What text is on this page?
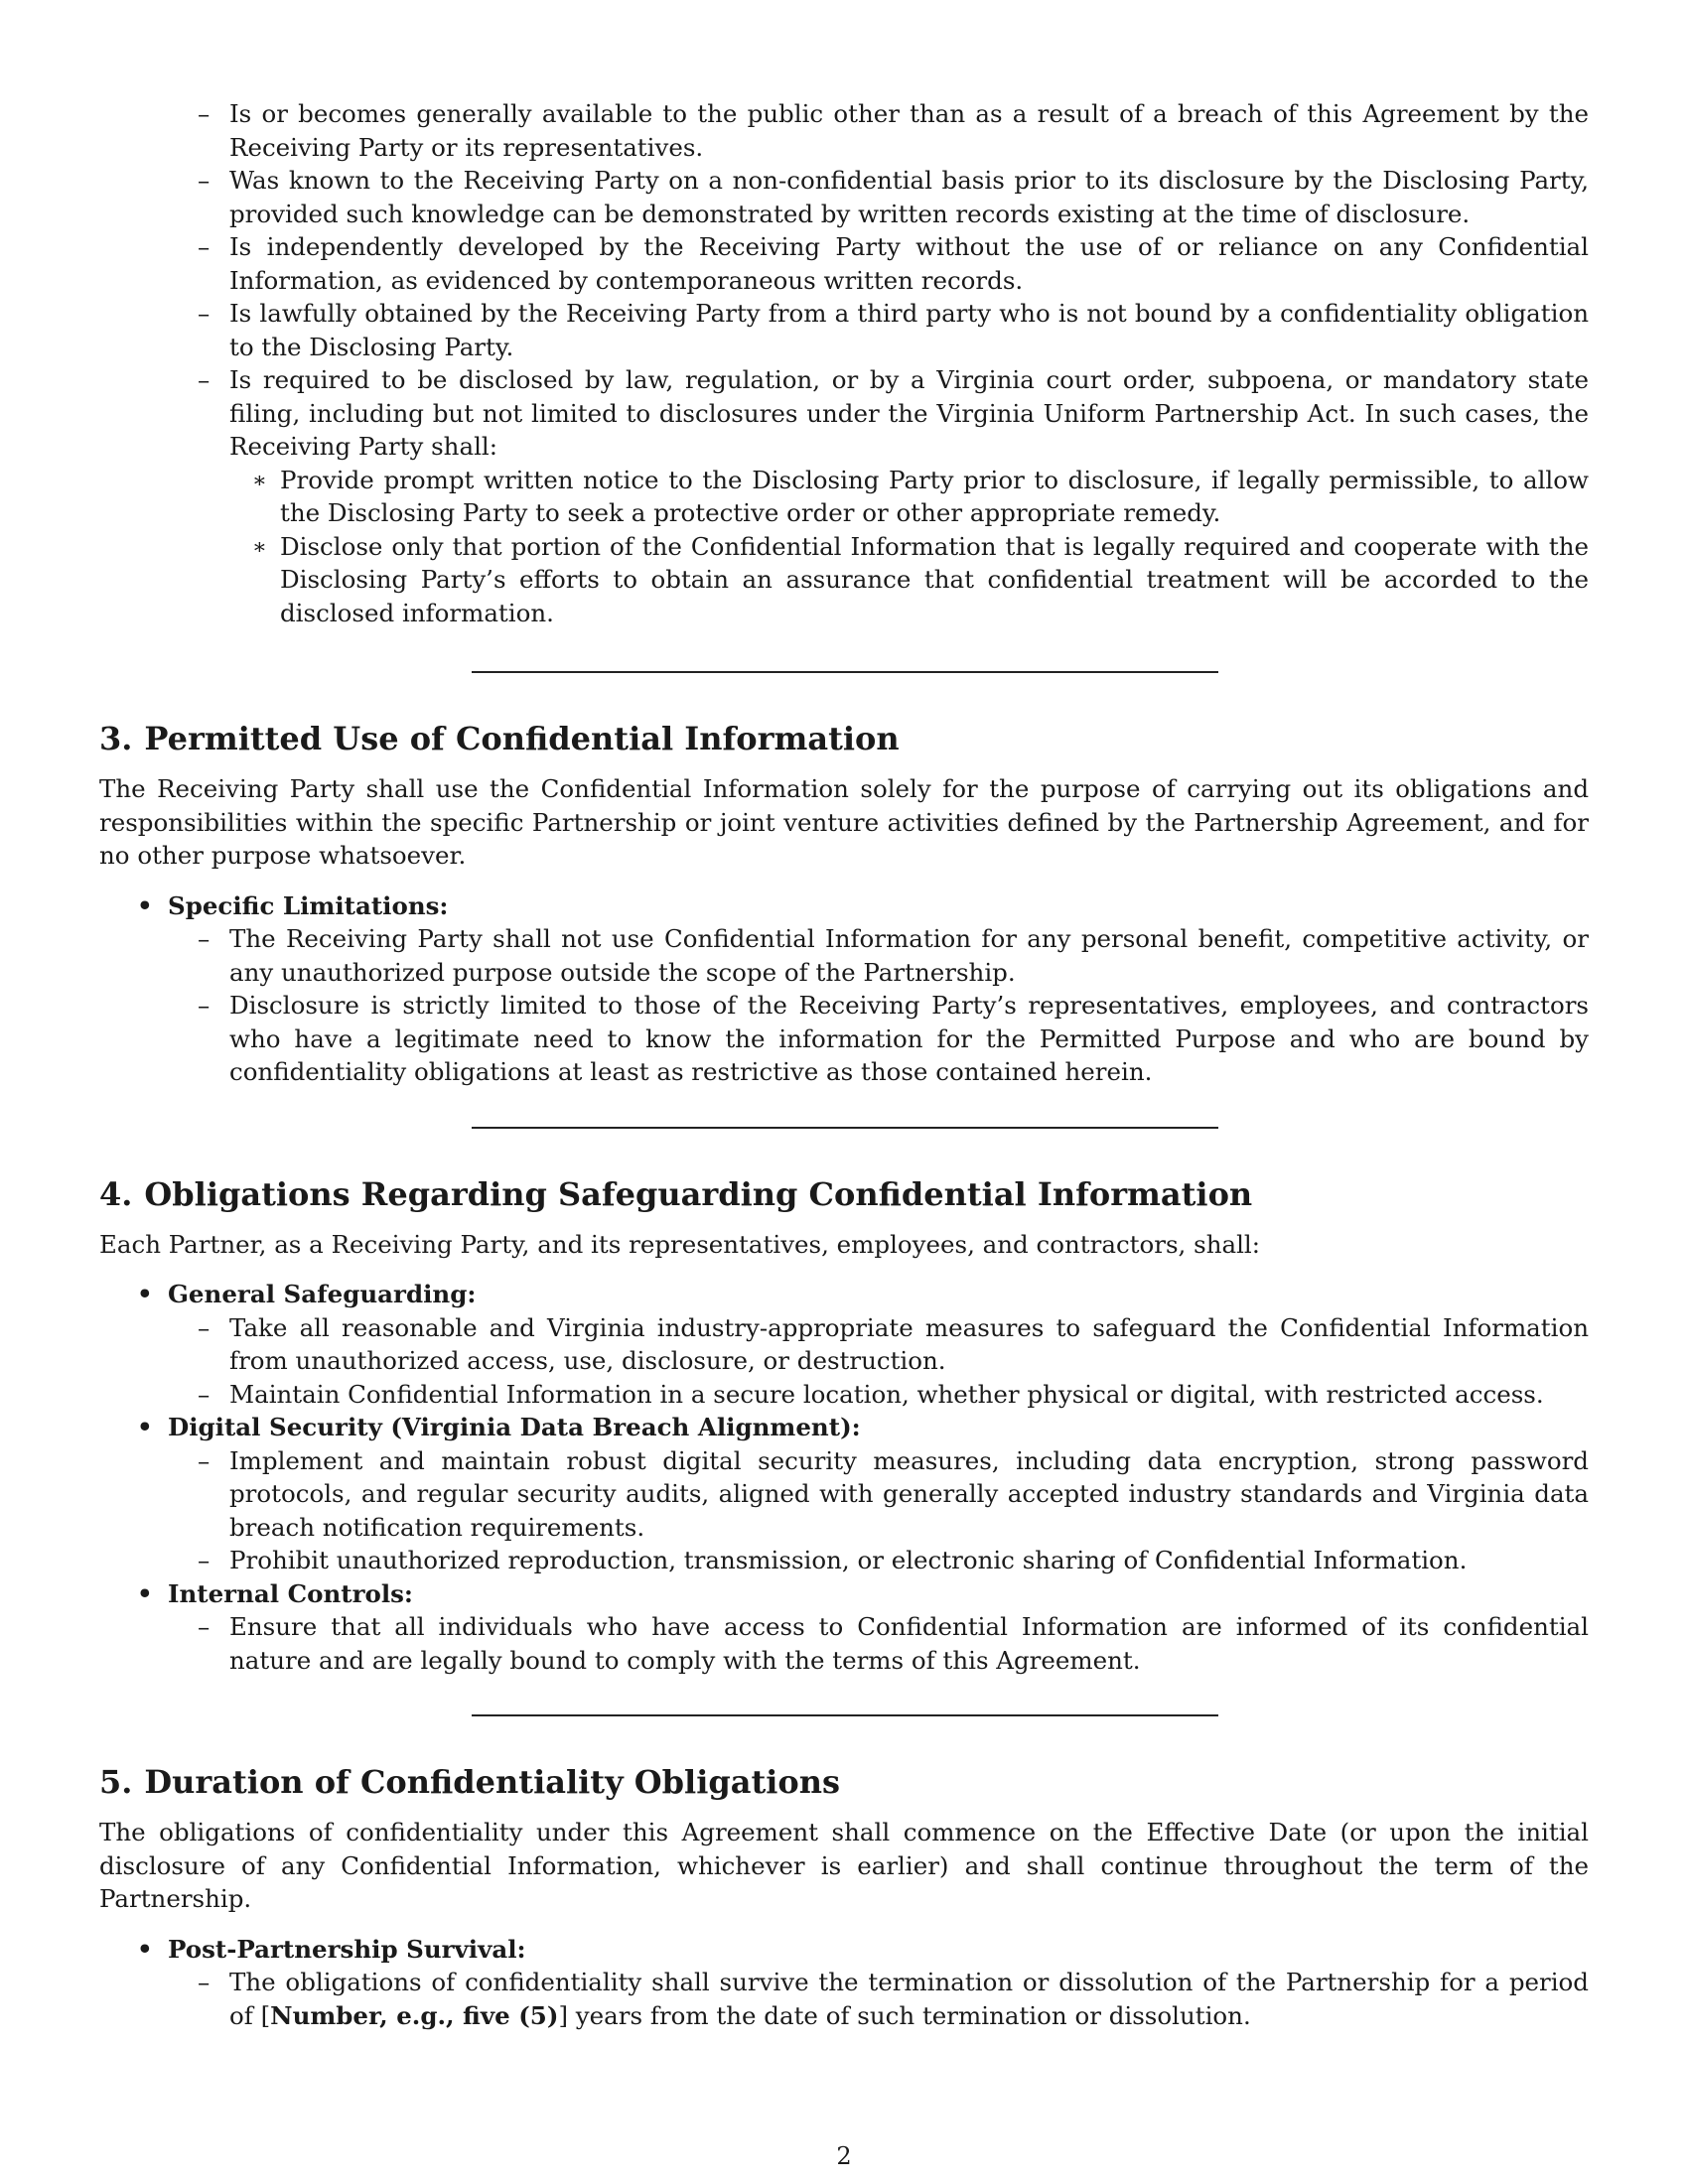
– Is or becomes generally available to the public other than as a result of a breach of this Agreement by the Receiving Party or its representatives.

– Was known to the Receiving Party on a non-confidential basis prior to its disclosure by the Disclosing Party, provided such knowledge can be demonstrated by written records existing at the time of disclosure.

– Is independently developed by the Receiving Party without the use of or reliance on any Confidential Information, as evidenced by contemporaneous written records.

– Is lawfully obtained by the Receiving Party from a third party who is not bound by a confidentiality obligation to the Disclosing Party.

– Is required to be disclosed by law, regulation, or by a Virginia court order, subpoena, or mandatory state filing, including but not limited to disclosures under the Virginia Uniform Partnership Act. In such cases, the Receiving Party shall:

∗ Provide prompt written notice to the Disclosing Party prior to disclosure, if legally permissible, to allow the Disclosing Party to seek a protective order or other appropriate remedy.

∗ Disclose only that portion of the Confidential Information that is legally required and cooperate with the Disclosing Party’s efforts to obtain an assurance that confidential treatment will be accorded to the disclosed information.

3. Permitted Use of Confidential Information

The Receiving Party shall use the Confidential Information solely for the purpose of carrying out its obligations and responsibilities within the specific Partnership or joint venture activities defined by the Partnership Agreement, and for no other purpose whatsoever.

• Specific Limitations:

– The Receiving Party shall not use Confidential Information for any personal benefit, competitive activity, or any unauthorized purpose outside the scope of the Partnership.

– Disclosure is strictly limited to those of the Receiving Party’s representatives, employees, and contractors who have a legitimate need to know the information for the Permitted Purpose and who are bound by confidentiality obligations at least as restrictive as those contained herein.

4. Obligations Regarding Safeguarding Confidential Information

Each Partner, as a Receiving Party, and its representatives, employees, and contractors, shall:

• General Safeguarding:

– Take all reasonable and Virginia industry-appropriate measures to safeguard the Confidential Information from unauthorized access, use, disclosure, or destruction.

– Maintain Confidential Information in a secure location, whether physical or digital, with restricted access.

• Digital Security (Virginia Data Breach Alignment):

– Implement and maintain robust digital security measures, including data encryption, strong password protocols, and regular security audits, aligned with generally accepted industry standards and Virginia data breach notification requirements.

– Prohibit unauthorized reproduction, transmission, or electronic sharing of Confidential Information.

• Internal Controls:

– Ensure that all individuals who have access to Confidential Information are informed of its confidential nature and are legally bound to comply with the terms of this Agreement.

5. Duration of Confidentiality Obligations

The obligations of confidentiality under this Agreement shall commence on the Effective Date (or upon the initial disclosure of any Confidential Information, whichever is earlier) and shall continue throughout the term of the Partnership.

• Post-Partnership Survival:

– The obligations of confidentiality shall survive the termination or dissolution of the Partnership for a period of [Number, e.g., five (5)] years from the date of such termination or dissolution.

2
